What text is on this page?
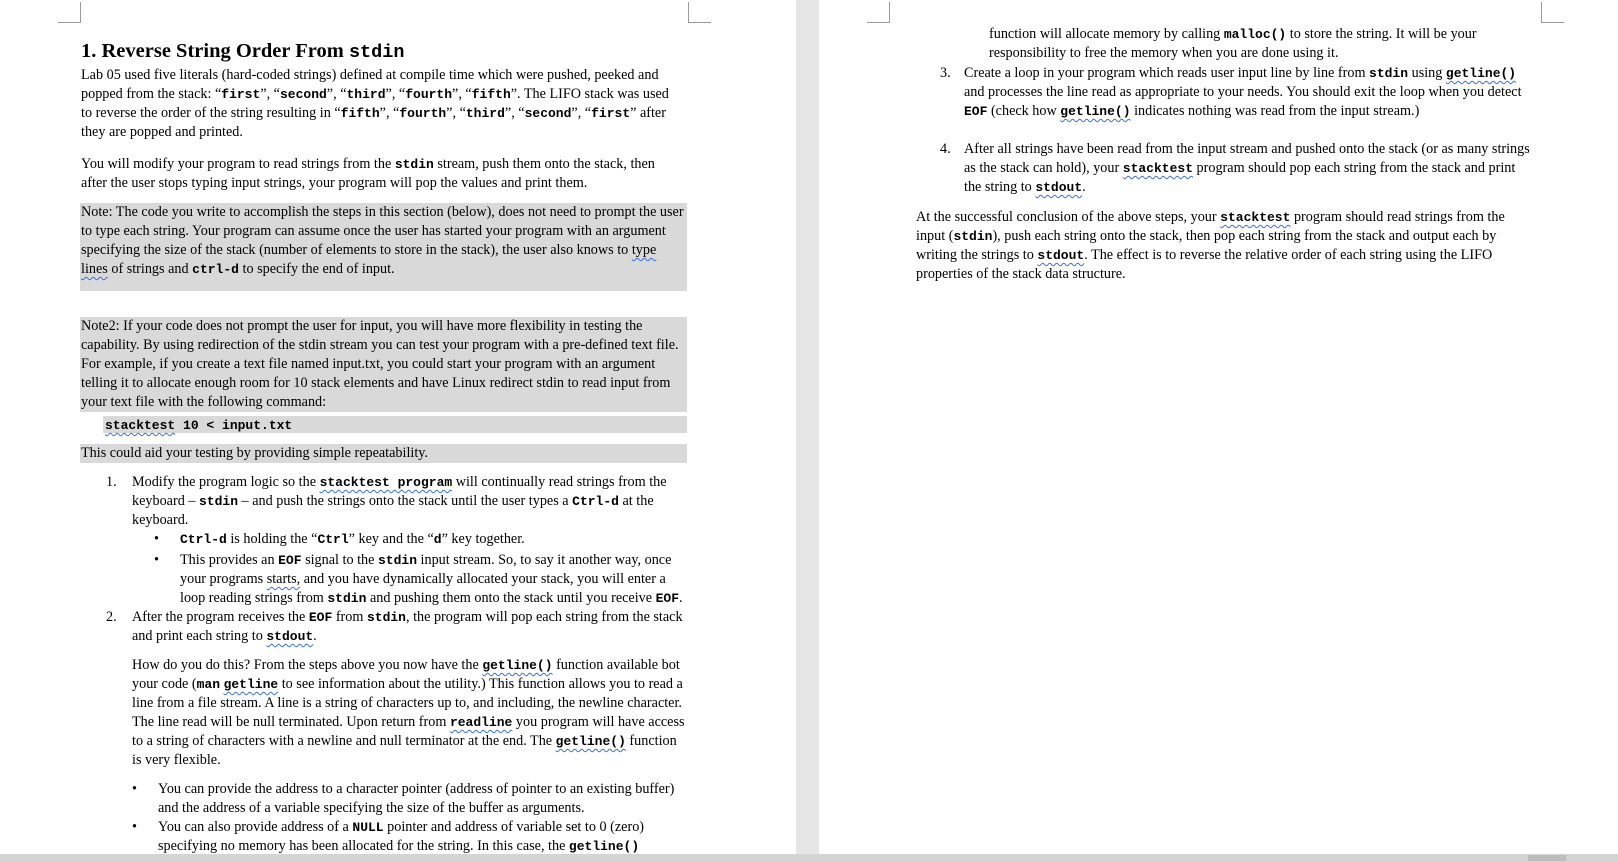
1. Reverse String Order From stdin

Lab 05 used five literals (hard-coded strings) defined at compile time which were pushed, peeked and popped from the stack: “first”, “second”, “third”, “fourth”, “fifth”. The LIFO stack was used to reverse the order of the string resulting in “fifth”, “fourth”, “third”, “second”, “first” after they are popped and printed.

You will modify your program to read strings from the stdin stream, push them onto the stack, then after the user stops typing input strings, your program will pop the values and print them.

Note: The code you write to accomplish the steps in this section (below), does not need to prompt the user to type each string. Your program can assume once the user has started your program with an argument specifying the size of the stack (number of elements to store in the stack), the user also knows to type lines of strings and ctrl-d to specify the end of input.

Note2: If your code does not prompt the user for input, you will have more flexibility in testing the capability. By using redirection of the stdin stream you can test your program with a pre-defined text file. For example, if you create a text file named input.txt, you could start your program with an argument telling it to allocate enough room for 10 stack elements and have Linux redirect stdin to read input from your text file with the following command:

stacktest 10 < input.txt

This could aid your testing by providing simple repeatability.

1.	Modify the program logic so the stacktest program will continually read strings from the keyboard – stdin – and push the strings onto the stack until the user types a Ctrl-d at the keyboard.
•	Ctrl-d is holding the “Ctrl” key and the “d” key together.
•	This provides an EOF signal to the stdin input stream. So, to say it another way, once your programs starts, and you have dynamically allocated your stack, you will enter a loop reading strings from stdin and pushing them onto the stack until you receive EOF.
2.	After the program receives the EOF from stdin, the program will pop each string from the stack and print each string to stdout.

How do you do this? From the steps above you now have the getline() function available bot your code (man getline to see information about the utility.) This function allows you to read a line from a file stream. A line is a string of characters up to, and including, the newline character. The line read will be null terminated. Upon return from readline you program will have access to a string of characters with a newline and null terminator at the end. The getline() function is very flexible.

•	You can provide the address to a character pointer (address of pointer to an existing buffer) and the address of a variable specifying the size of the buffer as arguments.
•	You can also provide address of a NULL pointer and address of variable set to 0 (zero) specifying no memory has been allocated for the string. In this case, the getline()

function will allocate memory by calling malloc() to store the string. It will be your responsibility to free the memory when you are done using it.

3. Create a loop in your program which reads user input line by line from stdin using getline() and processes the line read as appropriate to your needs. You should exit the loop when you detect EOF (check how getline() indicates nothing was read from the input stream.)
4. After all strings have been read from the input stream and pushed onto the stack (or as many strings as the stack can hold), your stacktest program should pop each string from the stack and print the string to stdout.

At the successful conclusion of the above steps, your stacktest program should read strings from the input (stdin), push each string onto the stack, then pop each string from the stack and output each by writing the strings to stdout. The effect is to reverse the relative order of each string using the LIFO properties of the stack data structure.
